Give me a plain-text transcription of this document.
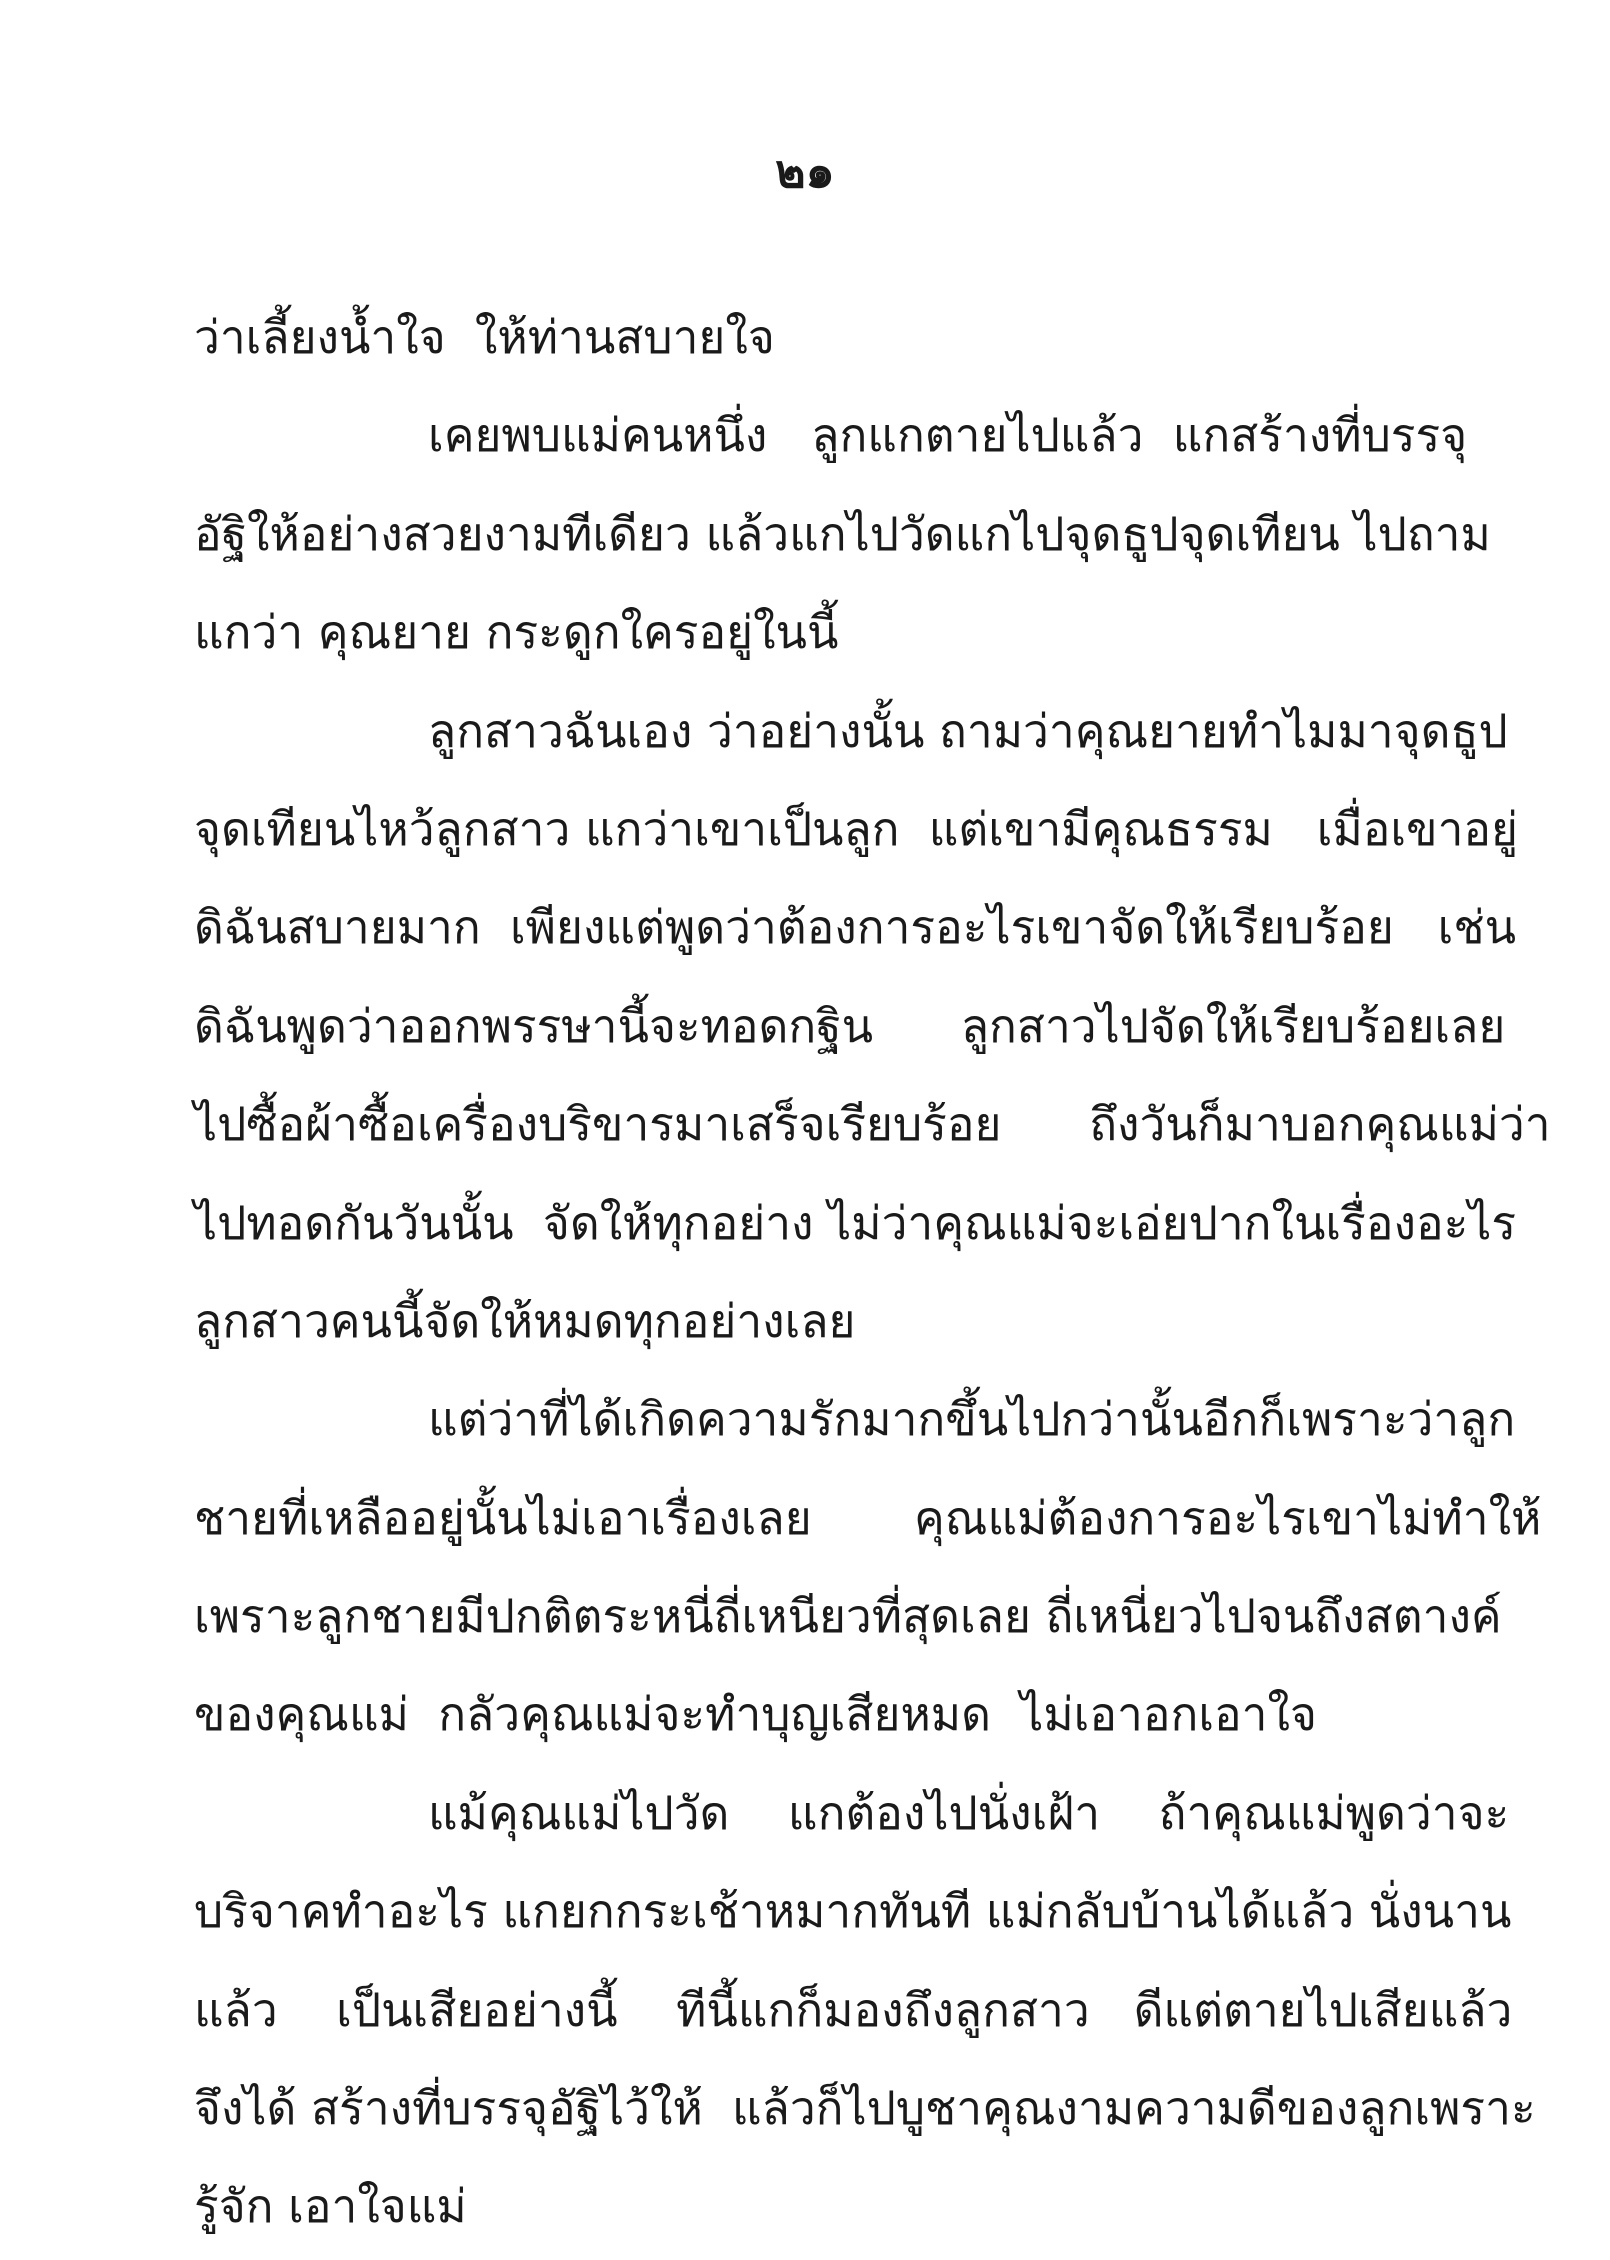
๒๑
ว่าเลี้ยงน้ำใจ  ให้ท่านสบายใจ
เคยพบแม่คนหนึ่ง   ลูกแกตายไปแล้ว  แกสร้างที่บรรจุ
อัฐิให้อย่างสวยงามทีเดียว แล้วแกไปวัดแกไปจุดธูปจุดเทียน ไปถาม
แกว่า คุณยาย กระดูกใครอยู่ในนี้
ลูกสาวฉันเอง ว่าอย่างนั้น ถามว่าคุณยายทำไมมาจุดธูป
จุดเทียนไหว้ลูกสาว แกว่าเขาเป็นลูก  แต่เขามีคุณธรรม   เมื่อเขาอยู่
ดิฉันสบายมาก  เพียงแต่พูดว่าต้องการอะไรเขาจัดให้เรียบร้อย   เช่น
ดิฉันพูดว่าออกพรรษานี้จะทอดกฐิน      ลูกสาวไปจัดให้เรียบร้อยเลย
ไปซื้อผ้าซื้อเครื่องบริขารมาเสร็จเรียบร้อย      ถึงวันก็มาบอกคุณแม่ว่า
ไปทอดกันวันนั้น  จัดให้ทุกอย่าง ไม่ว่าคุณแม่จะเอ่ยปากในเรื่องอะไร
ลูกสาวคนนี้จัดให้หมดทุกอย่างเลย
แต่ว่าที่ได้เกิดความรักมากขึ้นไปกว่านั้นอีกก็เพราะว่าลูก
ชายที่เหลืออยู่นั้นไม่เอาเรื่องเลย       คุณแม่ต้องการอะไรเขาไม่ทำให้
เพราะลูกชายมีปกติตระหนี่ถี่เหนียวที่สุดเลย ถี่เหนี่ยวไปจนถึงสตางค์
ของคุณแม่  กลัวคุณแม่จะทำบุญเสียหมด  ไม่เอาอกเอาใจ
แม้คุณแม่ไปวัด    แกต้องไปนั่งเฝ้า    ถ้าคุณแม่พูดว่าจะ
บริจาคทำอะไร แกยกกระเช้าหมากทันที แม่กลับบ้านได้แล้ว นั่งนาน
แล้ว    เป็นเสียอย่างนี้    ทีนี้แกก็มองถึงลูกสาว   ดีแต่ตายไปเสียแล้ว
จึงได้ สร้างที่บรรจุอัฐิไว้ให้  แล้วก็ไปบูชาคุณงามความดีของลูกเพราะ
รู้จัก เอาใจแม่
